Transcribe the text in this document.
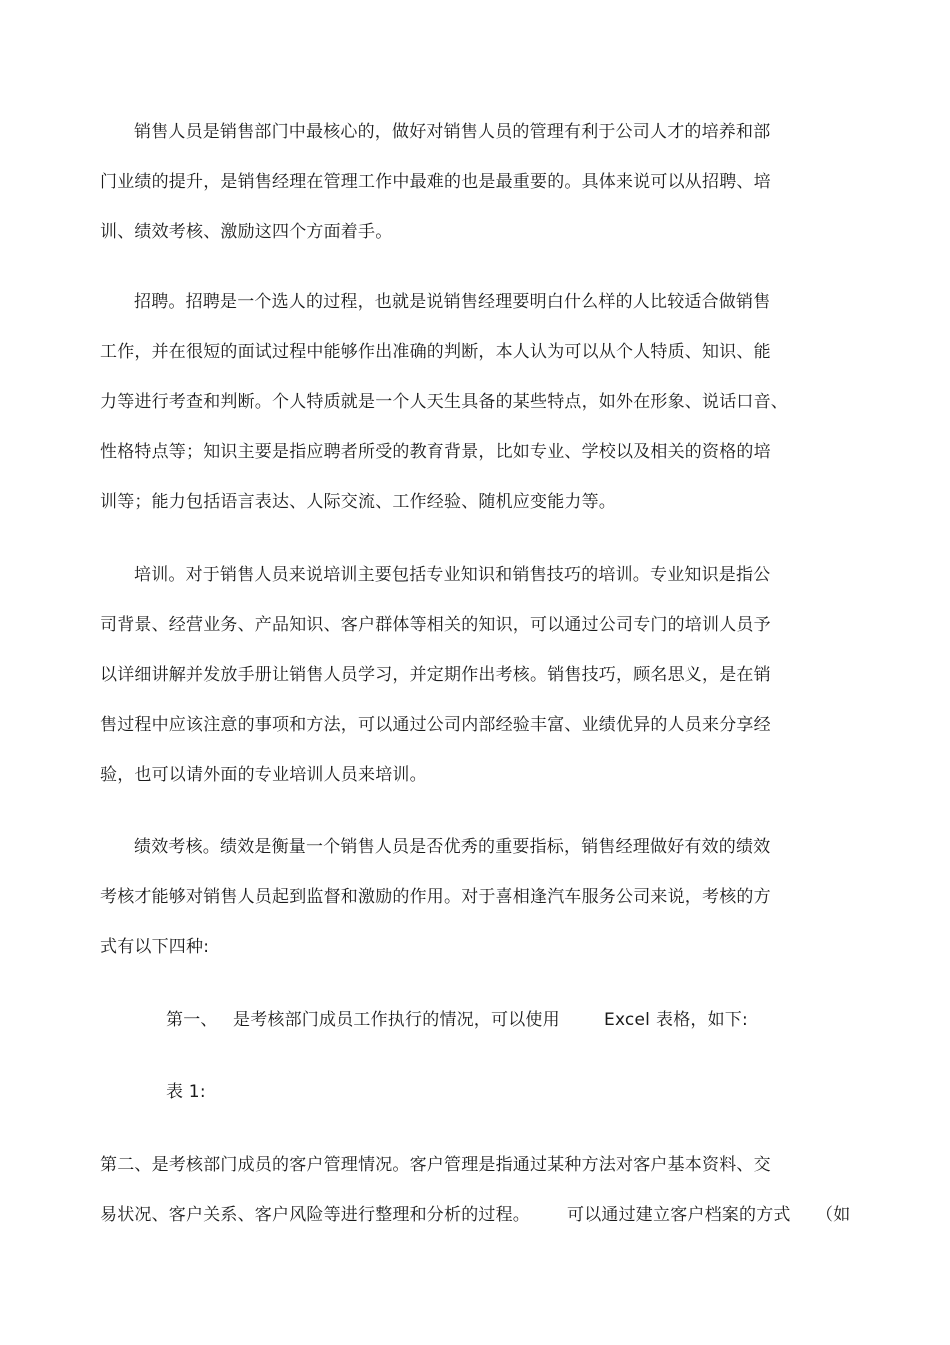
销售人员是销售部门中最核心的，做好对销售人员的管理有利于公司人才的培养和部
门业绩的提升，是销售经理在管理工作中最难的也是最重要的。具体来说可以从招聘、培
训、绩效考核、激励这四个方面着手。
招聘。招聘是一个选人的过程，也就是说销售经理要明白什么样的人比较适合做销售
工作，并在很短的面试过程中能够作出准确的判断，本人认为可以从个人特质、知识、能
力等进行考查和判断。个人特质就是一个人天生具备的某些特点，如外在形象、说话口音、
性格特点等；知识主要是指应聘者所受的教育背景，比如专业、学校以及相关的资格的培
训等；能力包括语言表达、人际交流、工作经验、随机应变能力等。
培训。对于销售人员来说培训主要包括专业知识和销售技巧的培训。专业知识是指公
司背景、经营业务、产品知识、客户群体等相关的知识，可以通过公司专门的培训人员予
以详细讲解并发放手册让销售人员学习，并定期作出考核。销售技巧，顾名思义，是在销
售过程中应该注意的事项和方法，可以通过公司内部经验丰富、业绩优异的人员来分享经
验，也可以请外面的专业培训人员来培训。
绩效考核。绩效是衡量一个销售人员是否优秀的重要指标，销售经理做好有效的绩效
考核才能够对销售人员起到监督和激励的作用。对于喜相逢汽车服务公司来说，考核的方
式有以下四种:
第一、 是考核部门成员工作执行的情况，可以使用	Excel 表格，如下:
表 1:
第二、是考核部门成员的客户管理情况。客户管理是指通过某种方法对客户基本资料、交
易状况、客户关系、客户风险等进行整理和分析的过程。 可以通过建立客户档案的方式 （如
